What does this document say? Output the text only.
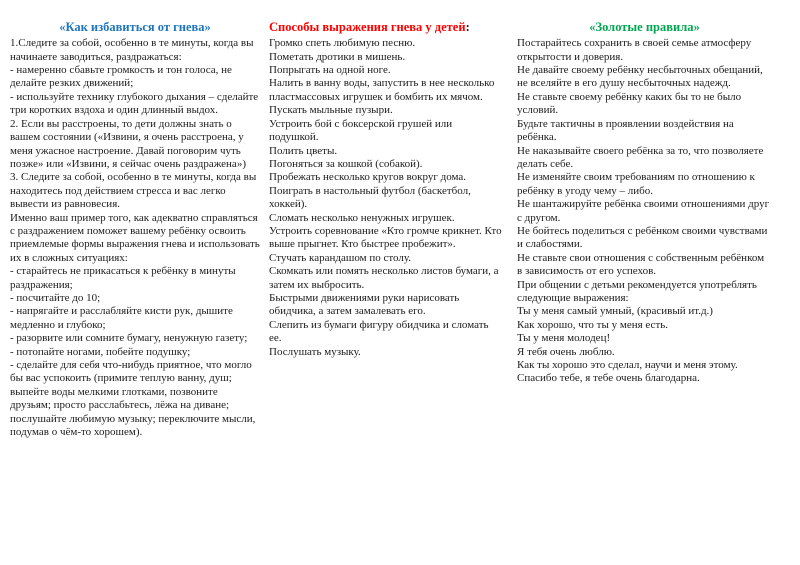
«Как избавиться от гнева»

1.Следите за собой, особенно в те минуты, когда вы начинаете заводиться, раздражаться:

- намеренно сбавьте громкость и тон голоса, не делайте резких движений;

- используйте технику глубокого дыхания – сделайте три коротких вздоха и один длинный выдох.

2. Если вы расстроены, то дети должны знать о вашем состоянии («Извини, я очень расстроена, у меня ужасное настроение. Давай поговорим чуть позже» или «Извини, я сейчас очень раздражена»)

3. Следите за собой, особенно в те минуты, когда вы находитесь под действием стресса и вас легко вывести из равновесия.

Именно ваш пример того, как адекватно справляться с раздражением поможет вашему ребёнку освоить приемлемые формы выражения гнева и использовать их в сложных ситуациях:

- старайтесь не прикасаться к ребёнку в минуты раздражения;

- посчитайте до 10;

- напрягайте и расслабляйте кисти рук, дышите медленно и глубоко;

- разорвите или сомните бумагу, ненужную газету;

- потопайте ногами, побейте подушку;

- сделайте для себя что-нибудь приятное, что могло бы вас успокоить (примите теплую ванну, душ; выпейте воды мелкими глотками, позвоните друзьям; просто расслабьтесь, лёжа на диване; послушайте любимую музыку; переключите мысли, подумав о чём-то хорошем).

Способы выражения гнева у детей:

Громко спеть любимую песню.

Пометать дротики в мишень.

Попрыгать на одной ноге.

Налить в ванну воды, запустить в нее несколько пластмассовых игрушек и бомбить их мячом.

Пускать мыльные пузыри.

Устроить бой с боксерской грушей или подушкой.

Полить цветы.

Погоняться за кошкой (собакой).

Пробежать несколько кругов вокруг дома.

Поиграть в настольный футбол (баскетбол, хоккей).

Сломать несколько ненужных игрушек.

Устроить соревнование «Кто громче крикнет. Кто выше прыгнет. Кто быстрее пробежит».

Стучать карандашом по столу.

Скомкать или помять несколько листов бумаги, а затем их выбросить.

Быстрыми движениями руки нарисовать обидчика, а затем замалевать его.

Слепить из бумаги фигуру обидчика и сломать ее.

Послушать музыку.

«Золотые правила»

Постарайтесь сохранить в своей семье атмосферу открытости и доверия.

Не давайте своему ребёнку несбыточных обещаний, не вселяйте в его душу несбыточных надежд.

Не ставьте своему ребёнку каких бы то не было условий.

Будьте тактичны в проявлении воздействия на ребёнка.

Не наказывайте своего ребёнка за то, что позволяете делать себе.

Не изменяйте своим требованиям по отношению к ребёнку в угоду чему – либо.

Не шантажируйте ребёнка своими отношениями друг с другом.

Не бойтесь поделиться с ребёнком своими чувствами и слабостями.

Не ставьте свои отношения с собственным ребёнком в зависимость от его успехов.

При общении с детьми рекомендуется употреблять следующие выражения:

Ты у меня самый умный, (красивый ит.д.)

Как хорошо, что ты у меня есть.

Ты у меня молодец!

Я тебя очень люблю.

Как ты хорошо это сделал, научи и меня этому.

Спасибо тебе, я тебе очень благодарна.
